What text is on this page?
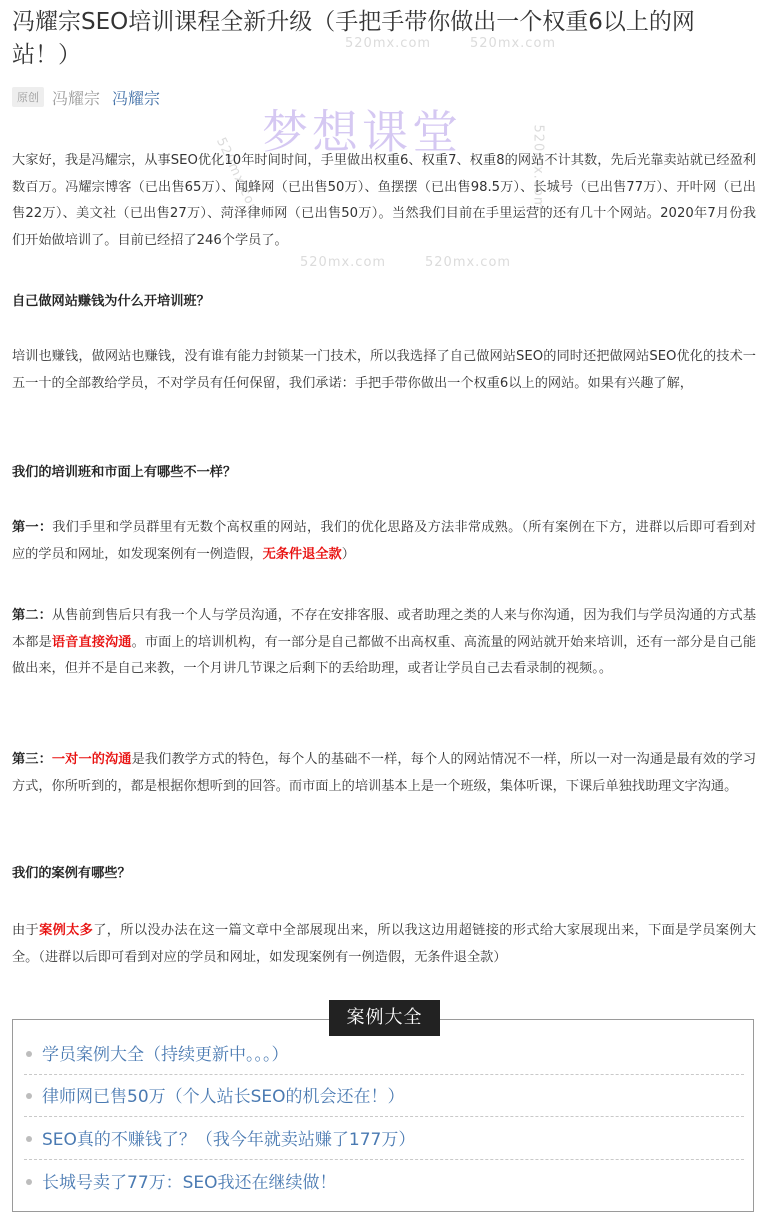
冯耀宗SEO培训课程全新升级（手把手带你做出一个权重6以上的网站！）
原创 冯耀宗 冯耀宗
梦想课堂
520mx.com	520mx.com
520mx.com	520mx.com
520mx.com	520mx.com

大家好，我是冯耀宗，从事SEO优化10年时间时间，手里做出权重6、权重7、权重8的网站不计其数，先后光靠卖站就已经盈利数百万。冯耀宗博客（已出售65万）、闻蜂网（已出售50万）、鱼摆摆（已出售98.5万）、长城号（已出售77万）、开叶网（已出售22万）、美文社（已出售27万）、菏泽律师网（已出售50万）。当然我们目前在手里运营的还有几十个网站。2020年7月份我们开始做培训了。目前已经招了246个学员了。

自己做网站赚钱为什么开培训班？

培训也赚钱，做网站也赚钱，没有谁有能力封锁某一门技术，所以我选择了自己做网站SEO的同时还把做网站SEO优化的技术一五一十的全部教给学员，不对学员有任何保留，我们承诺：手把手带你做出一个权重6以上的网站。如果有兴趣了解，

我们的培训班和市面上有哪些不一样？

第一：我们手里和学员群里有无数个高权重的网站，我们的优化思路及方法非常成熟。（所有案例在下方，进群以后即可看到对应的学员和网址，如发现案例有一例造假，无条件退全款）

第二：从售前到售后只有我一个人与学员沟通，不存在安排客服、或者助理之类的人来与你沟通，因为我们与学员沟通的方式基本都是语音直接沟通。市面上的培训机构，有一部分是自己都做不出高权重、高流量的网站就开始来培训，还有一部分是自己能做出来，但并不是自己来教，一个月讲几节课之后剩下的丢给助理，或者让学员自己去看录制的视频。。

第三：一对一的沟通是我们教学方式的特色，每个人的基础不一样，每个人的网站情况不一样，所以一对一沟通是最有效的学习方式，你所听到的，都是根据你想听到的回答。而市面上的培训基本上是一个班级，集体听课，下课后单独找助理文字沟通。

我们的案例有哪些？

由于案例太多了，所以没办法在这一篇文章中全部展现出来，所以我这边用超链接的形式给大家展现出来，下面是学员案例大全。（进群以后即可看到对应的学员和网址，如发现案例有一例造假，无条件退全款）

案例大全
学员案例大全（持续更新中。。。）
律师网已售50万（个人站长SEO的机会还在！）
SEO真的不赚钱了？（我今年就卖站赚了177万）
长城号卖了77万：SEO我还在继续做！
